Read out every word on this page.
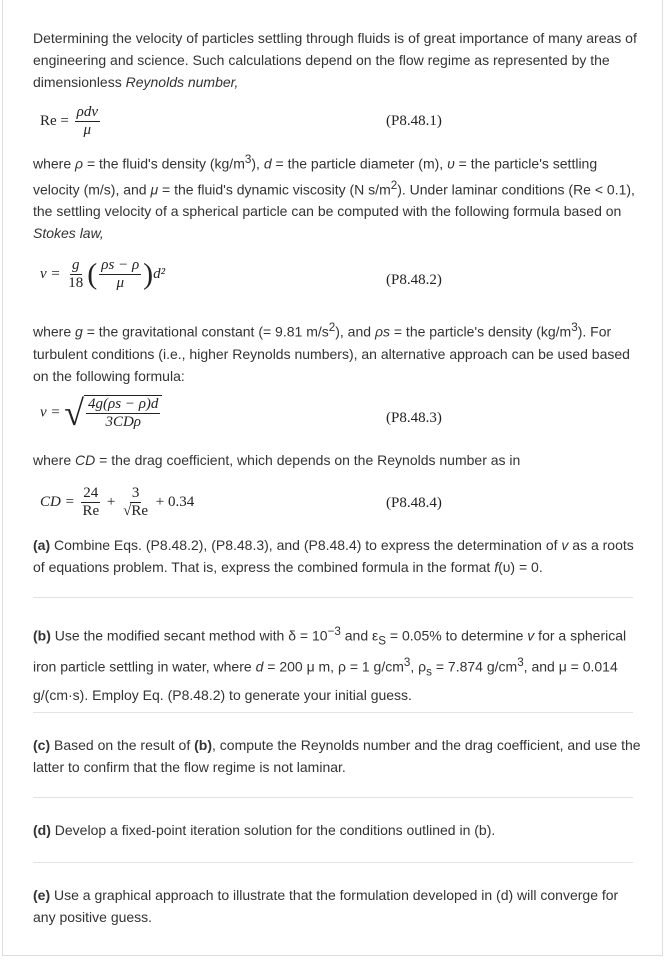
Determining the velocity of particles settling through fluids is of great importance of many areas of engineering and science. Such calculations depend on the flow regime as represented by the dimensionless Reynolds number,
$Re = \frac{\text{ρdv}}{\mu}$	(P8.48.1)
where ρ = the fluid's density $(kg/m^3)$, d = the particle diameter (m), υ = the particle's settling velocity (m/s), and μ = the fluid's dynamic viscosity (N $s/m^2$). Under laminar conditions (Re < 0.1), the settling velocity of a spherical particle can be computed with the following formula based on Stokes law,
$v = \frac{g}{18}$ ( $\frac{\rho s - \rho}{\mu} )d^2$	(P8.48.2)
where g = the gravitational constant (= 9.81 $m/s^2$), and ρs = the particle's density $(kg/m^3)$. For turbulent conditions (i.e., higher Reynolds numbers), an alternative approach can be used based on the following formula:
v = √ $\frac{4g(\rho s - \rho)d}{\text{3CDρ}}$	(P8.48.3)
where CD = the drag coefficient, which depends on the Reynolds number as in
CD = $\frac{24}{Re} + \frac{3}{√Re} + 0.34$	(P8.48.4)
(a) Combine Eqs. (P8.48.2), (P8.48.3), and (P8.48.4) to express the determination of v as a roots of equations problem. That is, express the combined formula in the format f(υ) = 0.
(b) Use the modified secant method with $\delta = 10^{-3}$ and $\varepsilon_S = 0.05\%$ to determine v for a spherical iron particle settling in water, where d = 200 μ m, ρ = 1 $g/cm^3$, $\rho_s = 7.874$ $g/cm^3$, and μ = 0.014 g/(cm·s). Employ Eq. (P8.48.2) to generate your initial guess.
(c) Based on the result of (b), compute the Reynolds number and the drag coefficient, and use the latter to confirm that the flow regime is not laminar.
(d) Develop a fixed-point iteration solution for the conditions outlined in (b).
(e) Use a graphical approach to illustrate that the formulation developed in (d) will converge for any positive guess.
